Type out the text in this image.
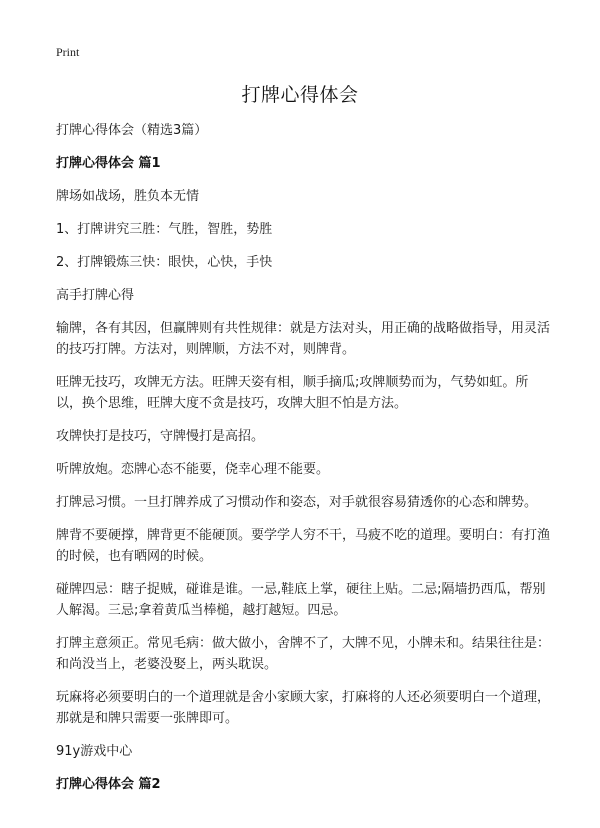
Print
打牌心得体会
打牌心得体会（精选3篇）
打牌心得体会 篇1
牌场如战场，胜负本无情
1、打牌讲究三胜：气胜，智胜，势胜
2、打牌锻炼三快：眼快，心快，手快
高手打牌心得
输牌，各有其因，但赢牌则有共性规律：就是方法对头，用正确的战略做指导，用灵活的技巧打牌。方法对，则牌顺，方法不对，则牌背。
旺牌无技巧，攻牌无方法。旺牌天姿有相，顺手摘瓜;攻牌顺势而为，气势如虹。所以，换个思维，旺牌大度不贪是技巧，攻牌大胆不怕是方法。
攻牌快打是技巧，守牌慢打是高招。
听牌放炮。恋牌心态不能要，侥幸心理不能要。
打牌忌习惯。一旦打牌养成了习惯动作和姿态，对手就很容易猜透你的心态和牌势。
牌背不要硬撑，牌背更不能硬顶。要学学人穷不干，马疲不吃的道理。要明白：有打渔的时候，也有晒网的时候。
碰牌四忌：瞎子捉贼，碰谁是谁。一忌,鞋底上掌，硬往上贴。二忌;隔墙扔西瓜，帮别人解渴。三忌;拿着黄瓜当棒槌，越打越短。四忌。
打牌主意须正。常见毛病：做大做小，舍牌不了，大牌不见，小牌未和。结果往往是：和尚没当上，老婆没娶上，两头耽误。
玩麻将必须要明白的一个道理就是舍小家顾大家，打麻将的人还必须要明白一个道理，那就是和牌只需要一张牌即可。
91y游戏中心
打牌心得体会 篇2
